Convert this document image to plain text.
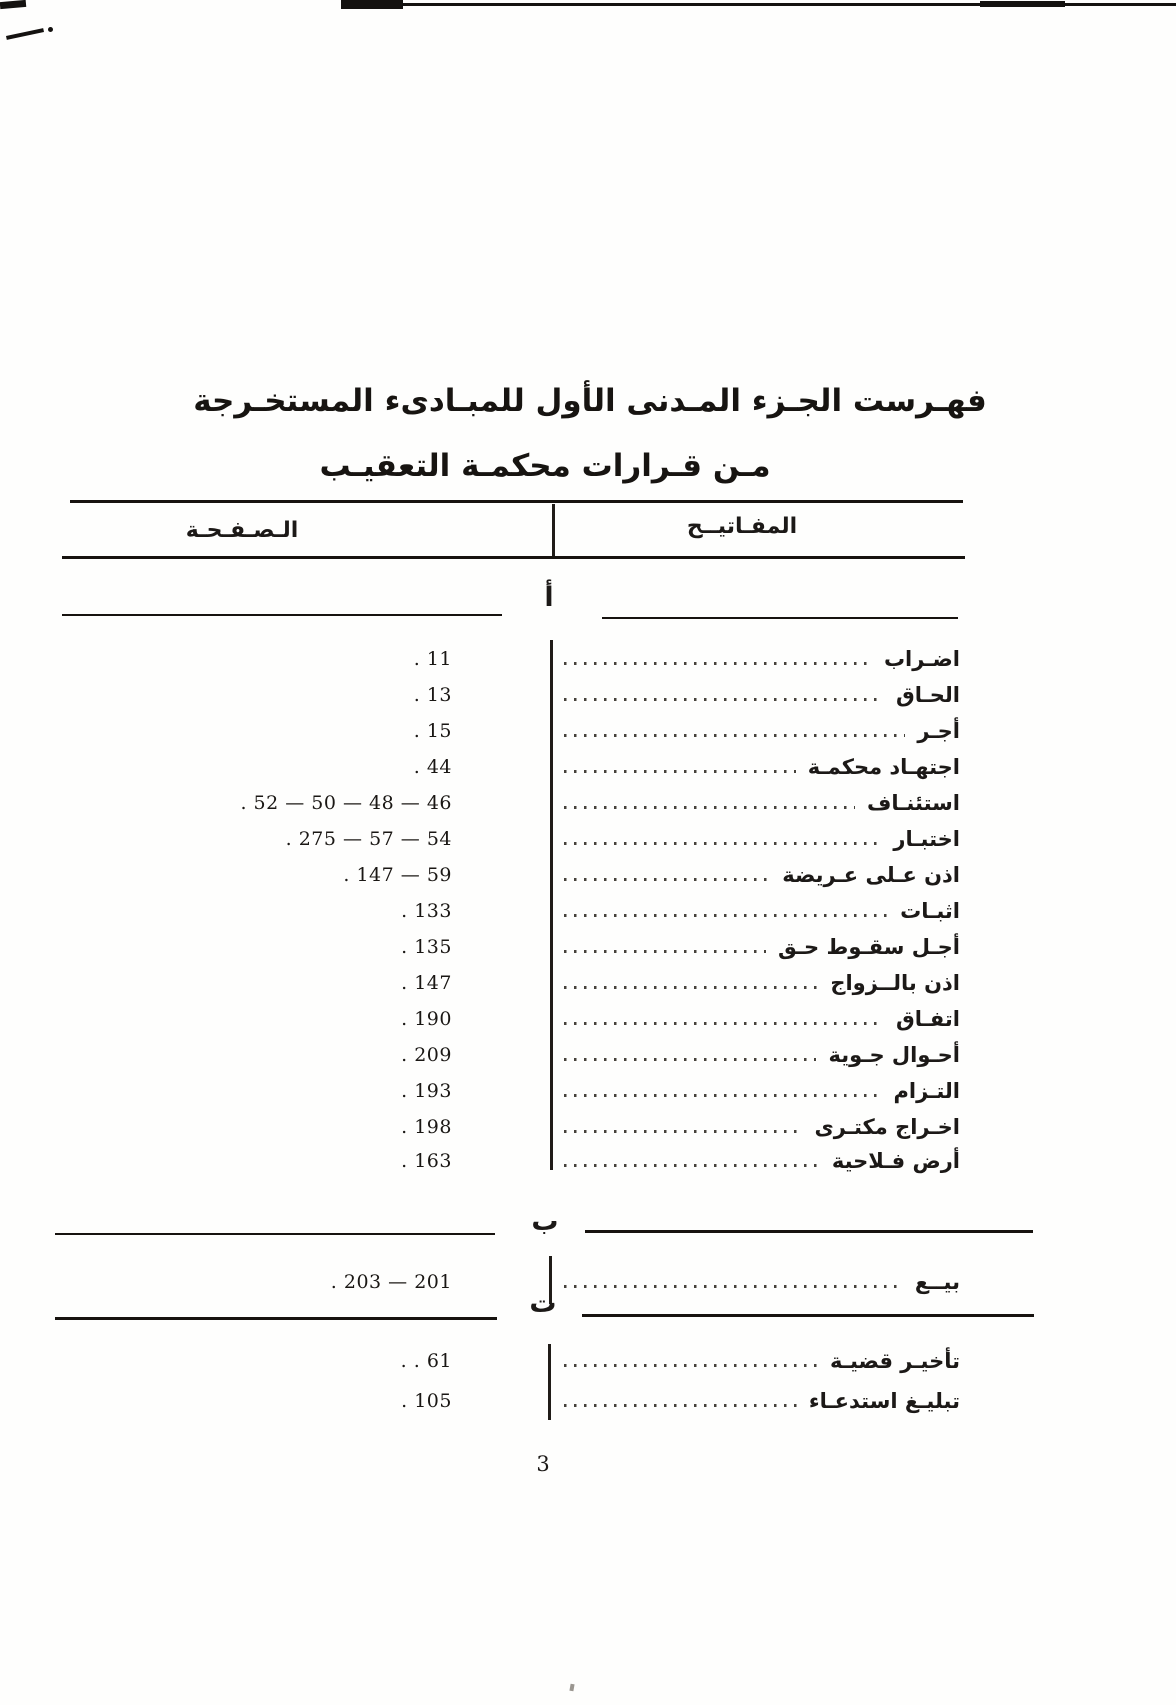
فهـرست الجـزء المـدنى الأول للمبـادىء المستخـرجة
مـن قـرارات محكمـة التعقيـب
الـصـفـحـة	المفـاتيــح
أ
اضـراب
. 11
الحـاق
. 13
أجـر
. 15
اجتهـاد محكمـة
. 44
استئنـاف
. 52 — 50 — 48 — 46
اختبـار
. 275 — 57 — 54
اذن عـلى عـريضة
. 147 — 59
اثبـات
. 133
أجـل سقـوط حـق
. 135
اذن بالــزواج
. 147
اتفـاق
. 190
أحـوال جـوية
. 209
التـزام
. 193
اخـراج مكتـرى
. 198
أرض فـلاحية
. 163
ب
بيــع
. 203 — 201
ت
تأخيـر قضيـة
. . 61
تبليـغ استدعـاء
. 105
3
